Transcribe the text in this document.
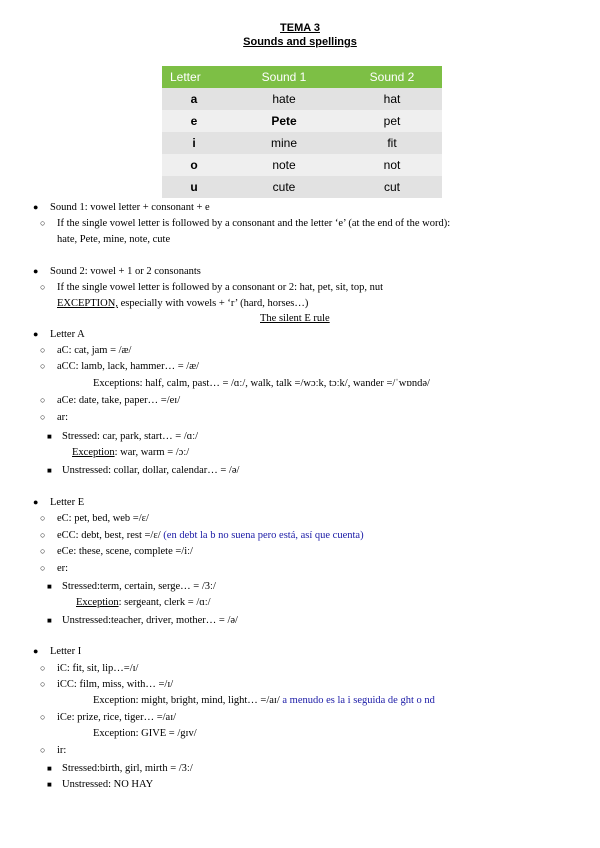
TEMA 3
Sounds and spellings
Letter	Sound 1	Sound 2
a	hate	hat
e	Pete	pet
i	mine	fit
o	note	not
u	cute	cut
● Sound 1: vowel letter + consonant + e
○ If the single vowel letter is followed by a consonant and the letter ‘e’ (at the end of the word):
hate, Pete, mine, note, cute
● Sound 2: vowel + 1 or 2 consonants
○ If the single vowel letter is followed by a consonant or 2: hat, pet, sit, top, nut
EXCEPTION, especially with vowels + ‘r’ (hard, horses…)
The silent E rule
● Letter A
○ aC: cat, jam = /æ/
○ aCC: lamb, lack, hammer… = /æ/
Exceptions: half, calm, past… = /ɑː/, walk, talk =/wɔːk, tɔːk/, wander =/ˈwɒndə/
○ aCe: date, take, paper… =/eɪ/
○ ar:
■ Stressed: car, park, start… = /ɑː/
Exception: war, warm = /ɔː/
■ Unstressed: collar, dollar, calendar… = /ə/
● Letter E
○ eC: pet, bed, web =/ɛ/
○ eCC: debt, best, rest =/ɛ/ (en debt la b no suena pero está, así que cuenta)
○ eCe: these, scene, complete =/iː/
○ er:
■ Stressed:term, certain, serge… = /3ː/
Exception: sergeant, clerk = /ɑː/
■ Unstressed:teacher, driver, mother… = /ə/
● Letter I
○ iC: fit, sit, lip…=/ɪ/
○ iCC: film, miss, with… =/ɪ/
Exception: might, bright, mind, light… =/aɪ/ a menudo es la i seguida de ght o nd
○ iCe: prize, rice, tiger… =/aɪ/
Exception: GIVE = /gɪv/
○ ir:
■ Stressed:birth, girl, mirth = /3ː/
■ Unstressed: NO HAY
